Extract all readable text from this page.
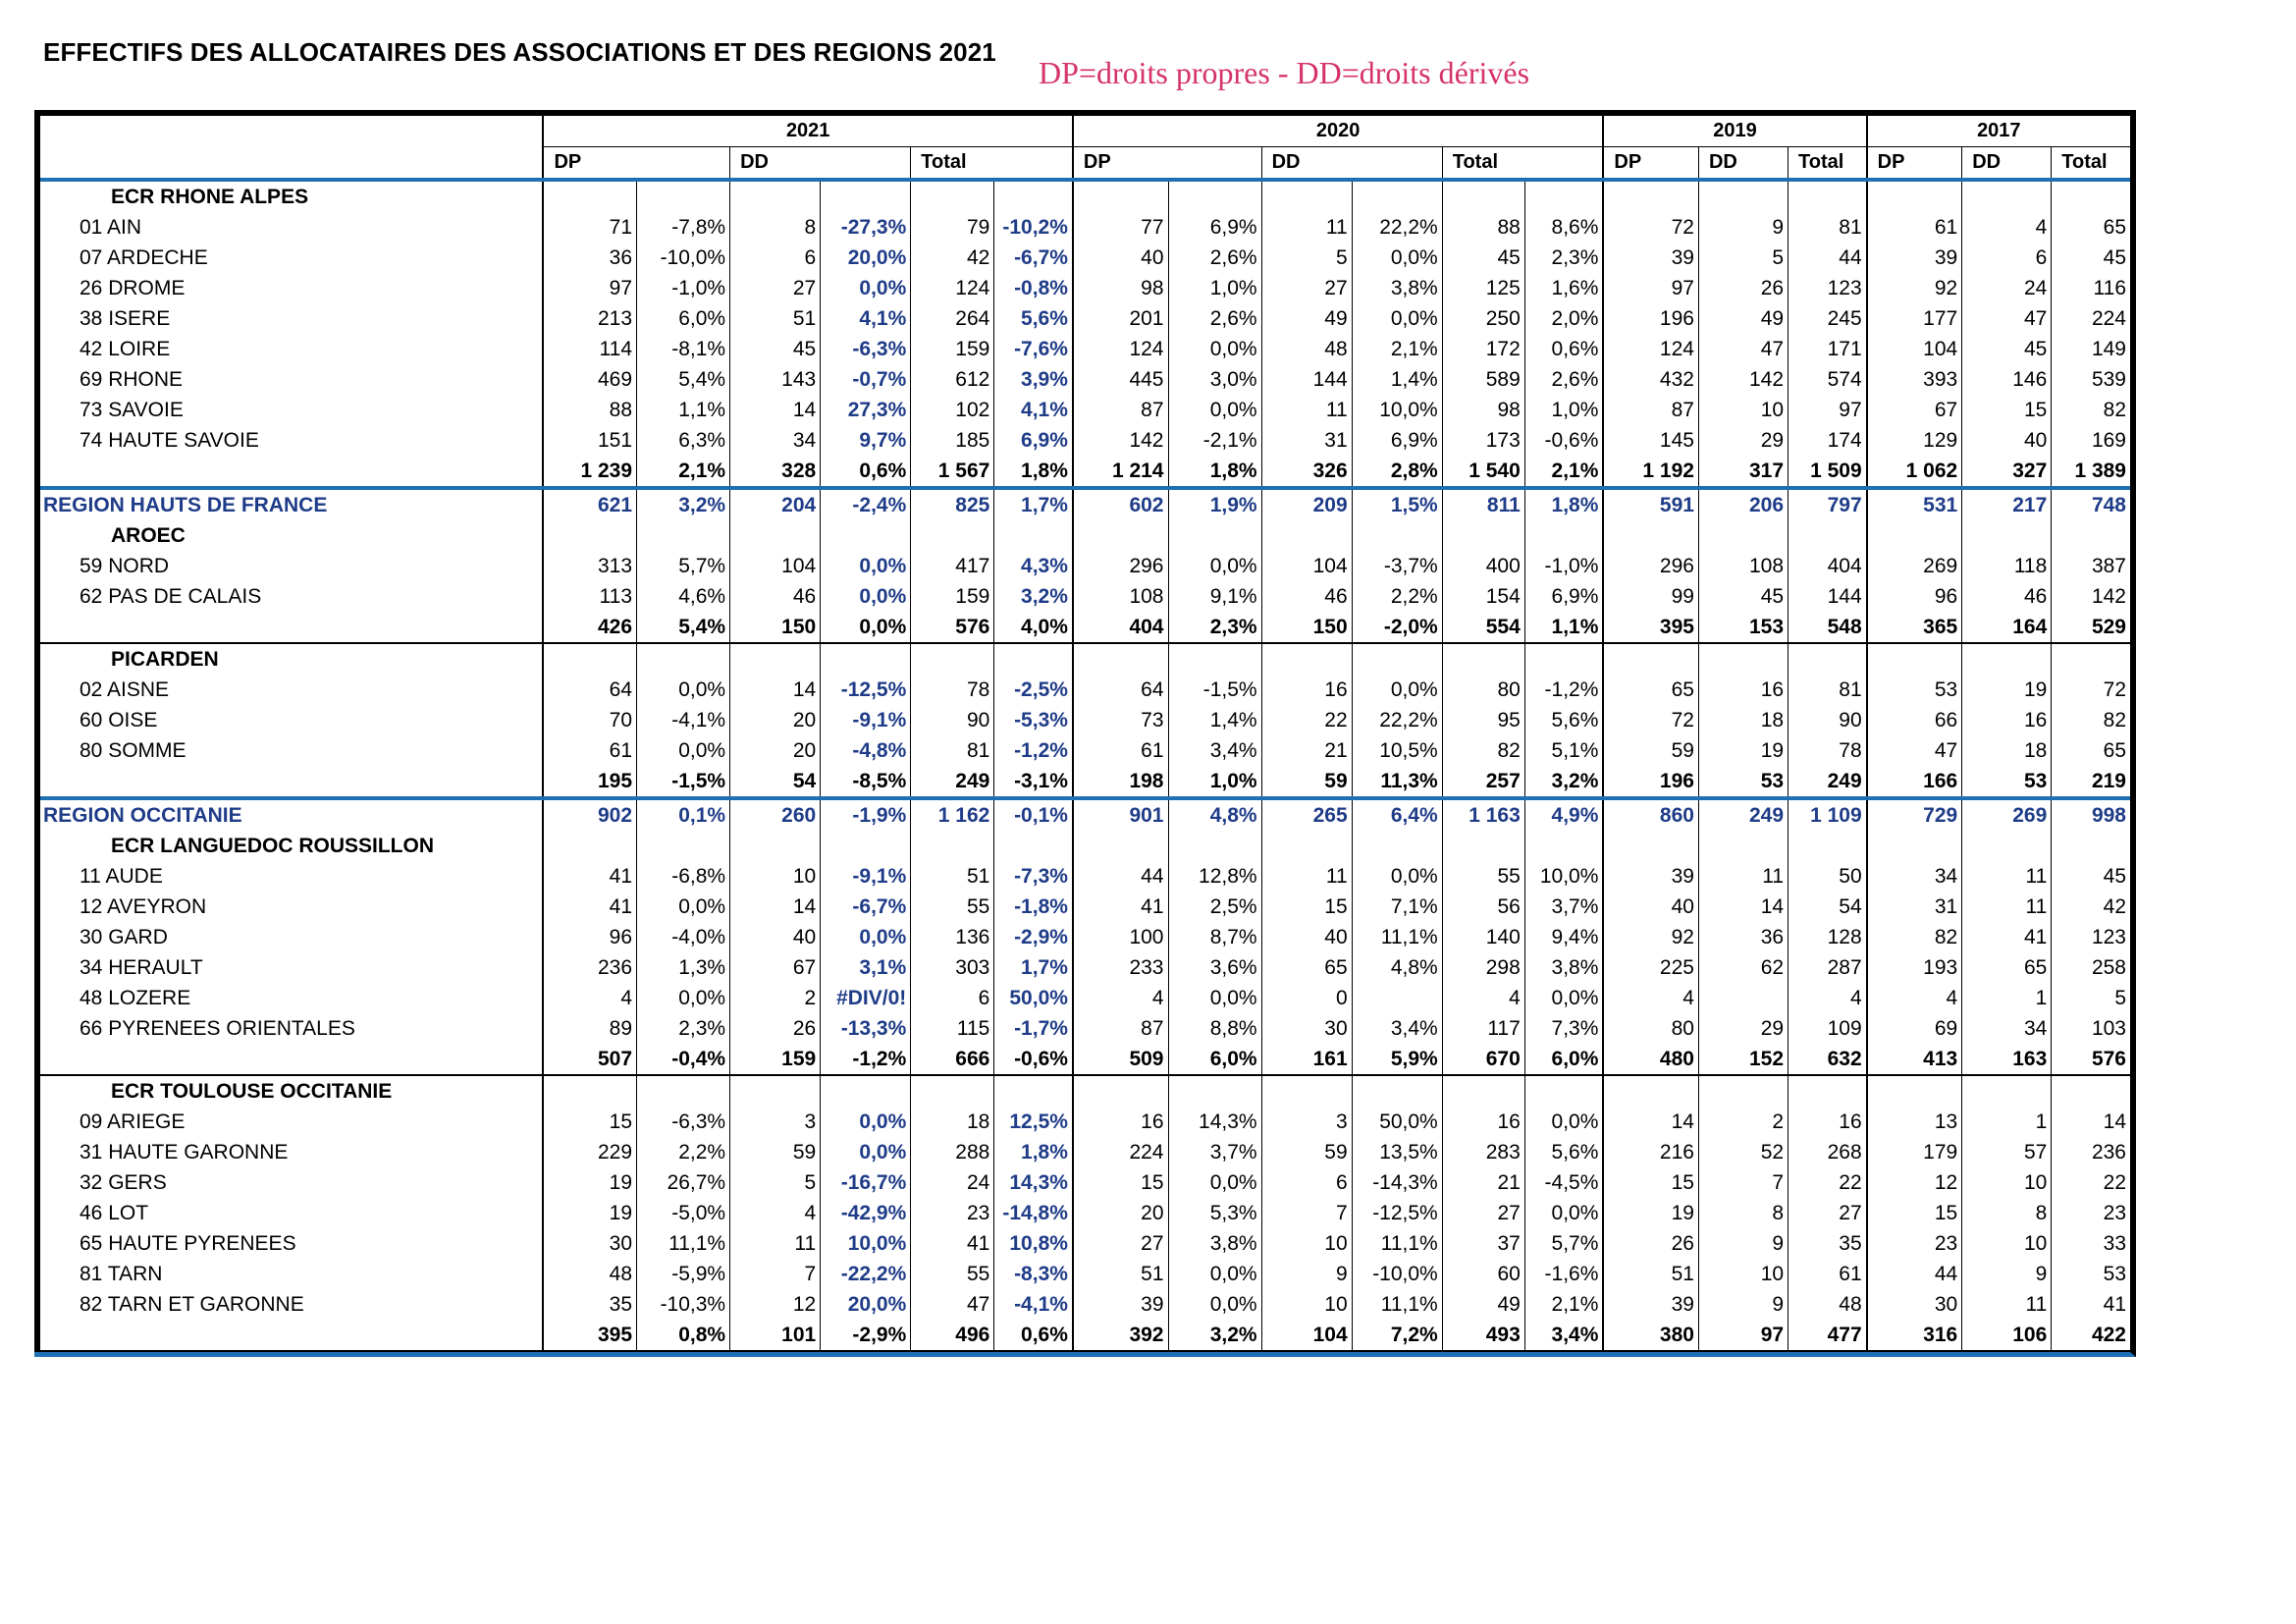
EFFECTIFS DES ALLOCATAIRES DES ASSOCIATIONS ET DES REGIONS 2021
DP=droits propres - DD=droits dérivés
	2021						2020						2019			2017		
	DP		DD		Total		DP		DD		Total		DP	DD	Total	DP	DD	Total
ECR RHONE ALPES																		
01 AIN	71	-7,8%	8	-27,3%	79	-10,2%	77	6,9%	11	22,2%	88	8,6%	72	9	81	61	4	65
07 ARDECHE	36	-10,0%	6	20,0%	42	-6,7%	40	2,6%	5	0,0%	45	2,3%	39	5	44	39	6	45
26 DROME	97	-1,0%	27	0,0%	124	-0,8%	98	1,0%	27	3,8%	125	1,6%	97	26	123	92	24	116
38 ISERE	213	6,0%	51	4,1%	264	5,6%	201	2,6%	49	0,0%	250	2,0%	196	49	245	177	47	224
42 LOIRE	114	-8,1%	45	-6,3%	159	-7,6%	124	0,0%	48	2,1%	172	0,6%	124	47	171	104	45	149
69 RHONE	469	5,4%	143	-0,7%	612	3,9%	445	3,0%	144	1,4%	589	2,6%	432	142	574	393	146	539
73 SAVOIE	88	1,1%	14	27,3%	102	4,1%	87	0,0%	11	10,0%	98	1,0%	87	10	97	67	15	82
74 HAUTE SAVOIE	151	6,3%	34	9,7%	185	6,9%	142	-2,1%	31	6,9%	173	-0,6%	145	29	174	129	40	169
	1 239	2,1%	328	0,6%	1 567	1,8%	1 214	1,8%	326	2,8%	1 540	2,1%	1 192	317	1 509	1 062	327	1 389
REGION HAUTS DE FRANCE	621	3,2%	204	-2,4%	825	1,7%	602	1,9%	209	1,5%	811	1,8%	591	206	797	531	217	748
AROEC																		
59 NORD	313	5,7%	104	0,0%	417	4,3%	296	0,0%	104	-3,7%	400	-1,0%	296	108	404	269	118	387
62 PAS DE CALAIS	113	4,6%	46	0,0%	159	3,2%	108	9,1%	46	2,2%	154	6,9%	99	45	144	96	46	142
	426	5,4%	150	0,0%	576	4,0%	404	2,3%	150	-2,0%	554	1,1%	395	153	548	365	164	529
PICARDEN																		
02 AISNE	64	0,0%	14	-12,5%	78	-2,5%	64	-1,5%	16	0,0%	80	-1,2%	65	16	81	53	19	72
60 OISE	70	-4,1%	20	-9,1%	90	-5,3%	73	1,4%	22	22,2%	95	5,6%	72	18	90	66	16	82
80 SOMME	61	0,0%	20	-4,8%	81	-1,2%	61	3,4%	21	10,5%	82	5,1%	59	19	78	47	18	65
	195	-1,5%	54	-8,5%	249	-3,1%	198	1,0%	59	11,3%	257	3,2%	196	53	249	166	53	219
REGION OCCITANIE	902	0,1%	260	-1,9%	1 162	-0,1%	901	4,8%	265	6,4%	1 163	4,9%	860	249	1 109	729	269	998
ECR LANGUEDOC ROUSSILLON																		
11 AUDE	41	-6,8%	10	-9,1%	51	-7,3%	44	12,8%	11	0,0%	55	10,0%	39	11	50	34	11	45
12 AVEYRON	41	0,0%	14	-6,7%	55	-1,8%	41	2,5%	15	7,1%	56	3,7%	40	14	54	31	11	42
30 GARD	96	-4,0%	40	0,0%	136	-2,9%	100	8,7%	40	11,1%	140	9,4%	92	36	128	82	41	123
34 HERAULT	236	1,3%	67	3,1%	303	1,7%	233	3,6%	65	4,8%	298	3,8%	225	62	287	193	65	258
48 LOZERE	4	0,0%	2	#DIV/0!	6	50,0%	4	0,0%	0		4	0,0%	4		4	4	1	5
66 PYRENEES ORIENTALES	89	2,3%	26	-13,3%	115	-1,7%	87	8,8%	30	3,4%	117	7,3%	80	29	109	69	34	103
	507	-0,4%	159	-1,2%	666	-0,6%	509	6,0%	161	5,9%	670	6,0%	480	152	632	413	163	576
ECR TOULOUSE OCCITANIE																		
09 ARIEGE	15	-6,3%	3	0,0%	18	12,5%	16	14,3%	3	50,0%	16	0,0%	14	2	16	13	1	14
31 HAUTE GARONNE	229	2,2%	59	0,0%	288	1,8%	224	3,7%	59	13,5%	283	5,6%	216	52	268	179	57	236
32 GERS	19	26,7%	5	-16,7%	24	14,3%	15	0,0%	6	-14,3%	21	-4,5%	15	7	22	12	10	22
46 LOT	19	-5,0%	4	-42,9%	23	-14,8%	20	5,3%	7	-12,5%	27	0,0%	19	8	27	15	8	23
65 HAUTE PYRENEES	30	11,1%	11	10,0%	41	10,8%	27	3,8%	10	11,1%	37	5,7%	26	9	35	23	10	33
81 TARN	48	-5,9%	7	-22,2%	55	-8,3%	51	0,0%	9	-10,0%	60	-1,6%	51	10	61	44	9	53
82 TARN ET GARONNE	35	-10,3%	12	20,0%	47	-4,1%	39	0,0%	10	11,1%	49	2,1%	39	9	48	30	11	41
	395	0,8%	101	-2,9%	496	0,6%	392	3,2%	104	7,2%	493	3,4%	380	97	477	316	106	422
